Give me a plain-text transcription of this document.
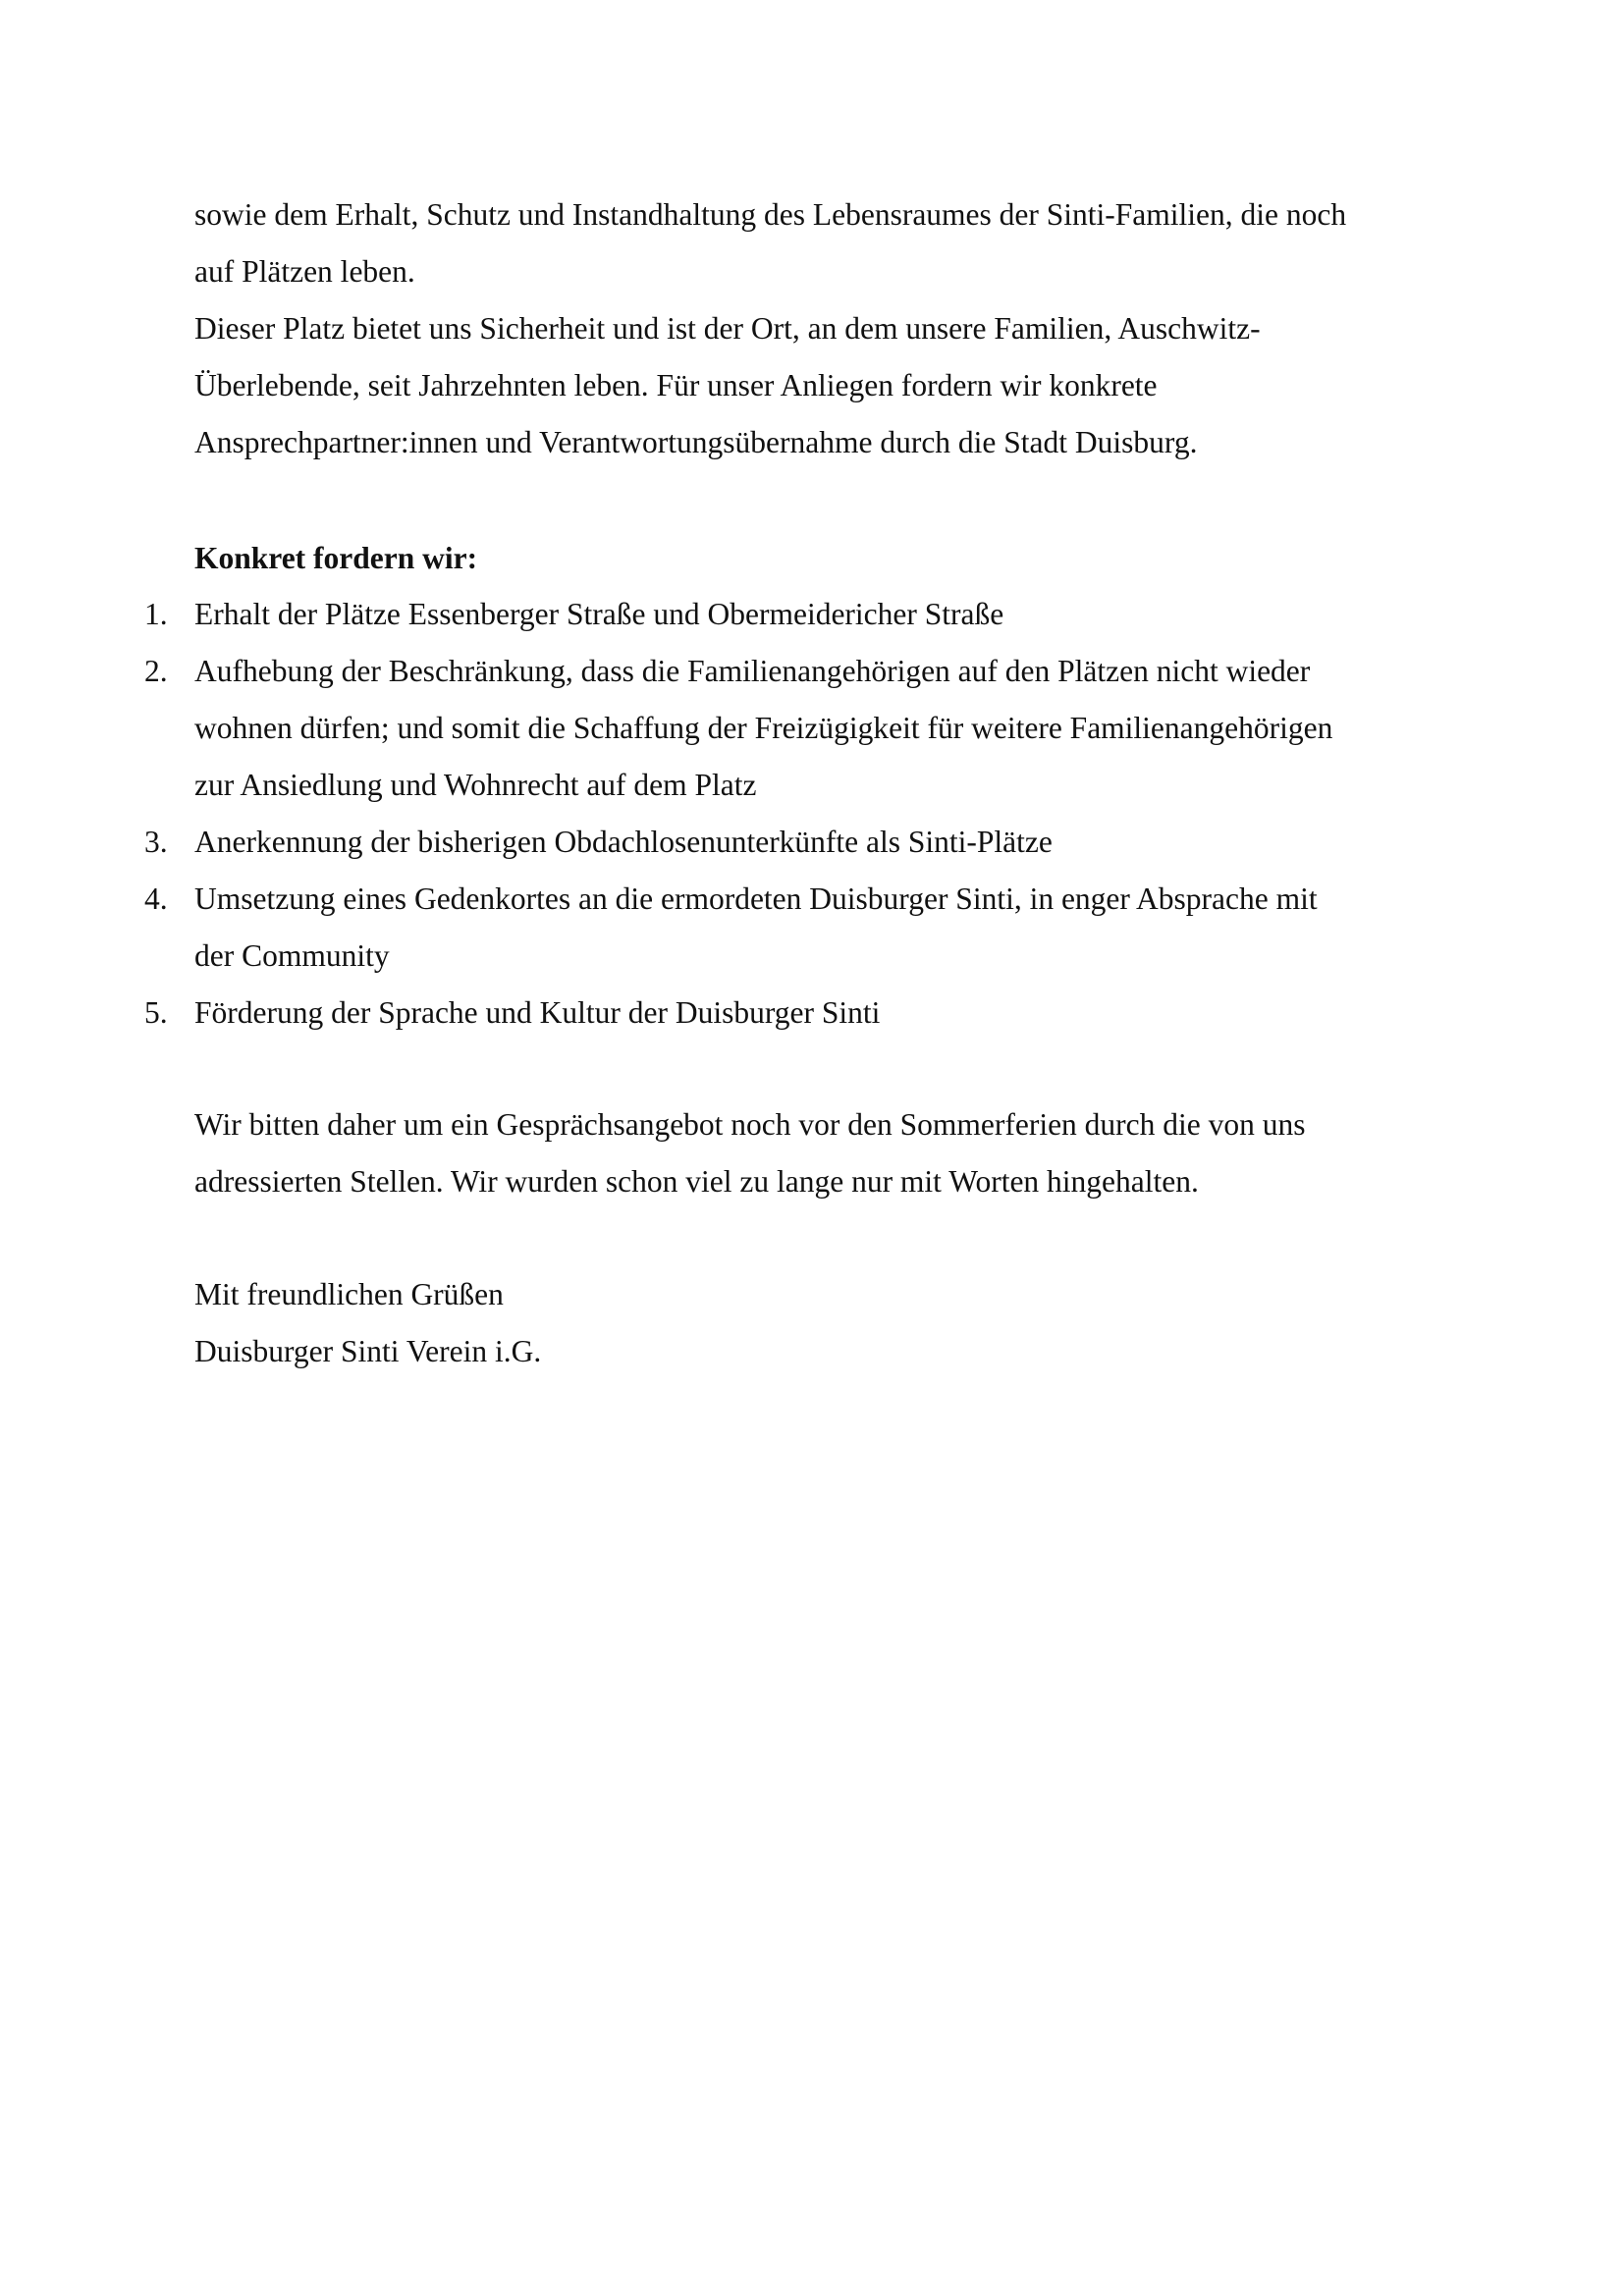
sowie dem Erhalt, Schutz und Instandhaltung des Lebensraumes der Sinti-Familien, die noch
auf Plätzen leben.
Dieser Platz bietet uns Sicherheit und ist der Ort, an dem unsere Familien, Auschwitz-
Überlebende, seit Jahrzehnten leben. Für unser Anliegen fordern wir konkrete
Ansprechpartner:innen und Verantwortungsübernahme durch die Stadt Duisburg.
Konkret fordern wir:
1. Erhalt der Plätze Essenberger Straße und Obermeidericher Straße
2. Aufhebung der Beschränkung, dass die Familienangehörigen auf den Plätzen nicht wieder
wohnen dürfen; und somit die Schaffung der Freizügigkeit für weitere Familienangehörigen
zur Ansiedlung und Wohnrecht auf dem Platz
3. Anerkennung der bisherigen Obdachlosenunterkünfte als Sinti-Plätze
4. Umsetzung eines Gedenkortes an die ermordeten Duisburger Sinti, in enger Absprache mit
der Community
5. Förderung der Sprache und Kultur der Duisburger Sinti
Wir bitten daher um ein Gesprächsangebot noch vor den Sommerferien durch die von uns
adressierten Stellen. Wir wurden schon viel zu lange nur mit Worten hingehalten.
Mit freundlichen Grüßen
Duisburger Sinti Verein i.G.
